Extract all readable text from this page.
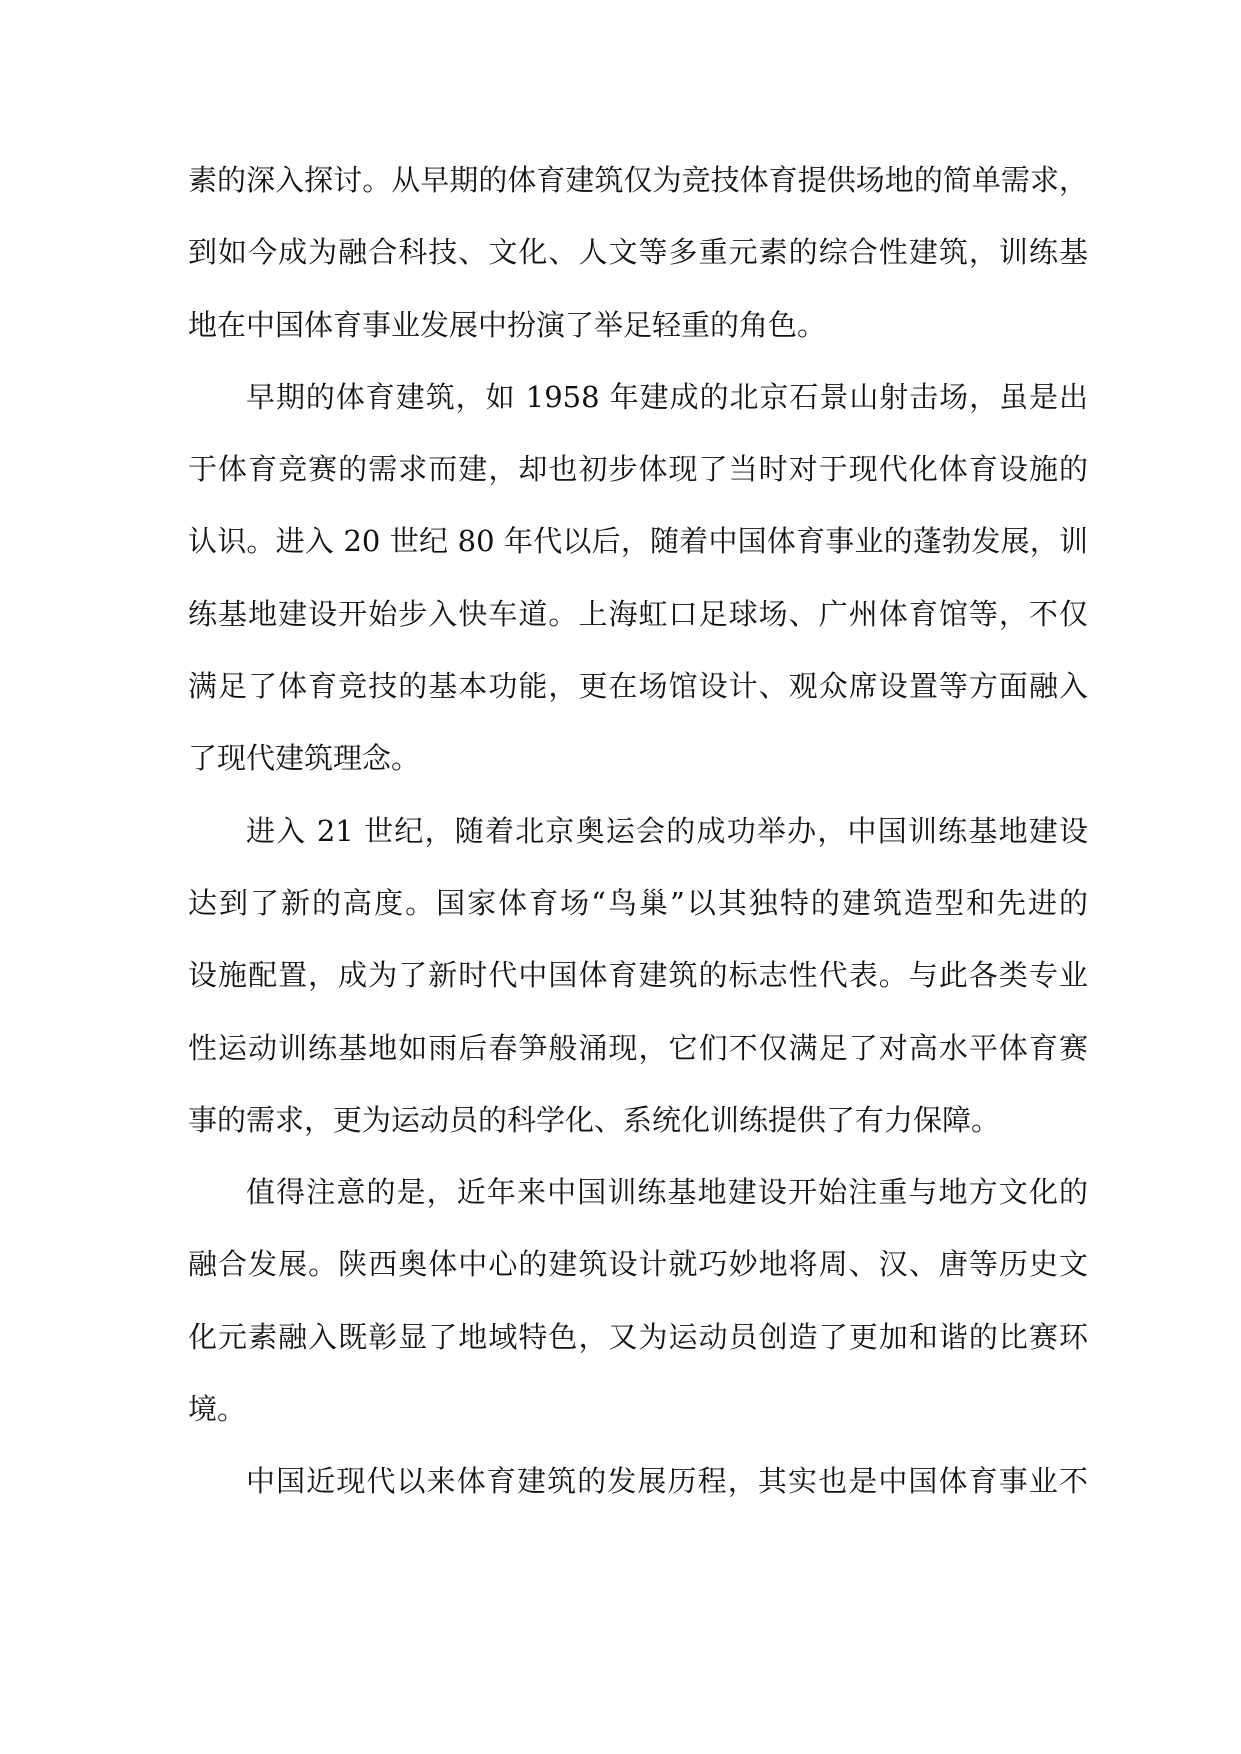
素的深入探讨。从早期的体育建筑仅为竞技体育提供场地的简单需求，
到如今成为融合科技、文化、人文等多重元素的综合性建筑，训练基
地在中国体育事业发展中扮演了举足轻重的角色。
早期的体育建筑，如 1958 年建成的北京石景山射击场，虽是出
于体育竞赛的需求而建，却也初步体现了当时对于现代化体育设施的
认识。进入 20 世纪 80 年代以后，随着中国体育事业的蓬勃发展，训
练基地建设开始步入快车道。上海虹口足球场、广州体育馆等，不仅
满足了体育竞技的基本功能，更在场馆设计、观众席设置等方面融入
了现代建筑理念。
进入 21 世纪，随着北京奥运会的成功举办，中国训练基地建设
达到了新的高度。国家体育场“鸟巢”以其独特的建筑造型和先进的
设施配置，成为了新时代中国体育建筑的标志性代表。与此各类专业
性运动训练基地如雨后春笋般涌现，它们不仅满足了对高水平体育赛
事的需求，更为运动员的科学化、系统化训练提供了有力保障。
值得注意的是，近年来中国训练基地建设开始注重与地方文化的
融合发展。陕西奥体中心的建筑设计就巧妙地将周、汉、唐等历史文
化元素融入既彰显了地域特色，又为运动员创造了更加和谐的比赛环
境。
中国近现代以来体育建筑的发展历程，其实也是中国体育事业不
